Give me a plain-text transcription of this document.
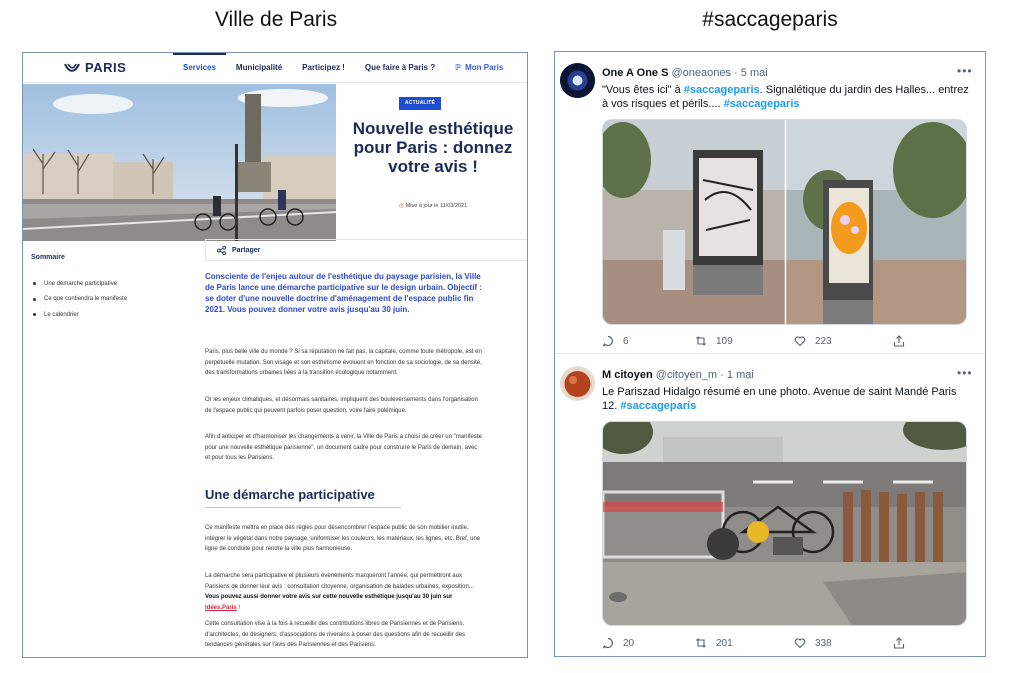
Ville de Paris	#saccageparis
PARIS	Services	Municipalité	Participez !	Que faire à Paris ?	ℙ Mon Paris
ACTUALITÉ
Nouvelle esthétique pour Paris : donnez votre avis !
◷ Mise à jour le 11/03/2021
Sommaire
Une démarche participative
Ce que contiendra le manifeste
Le calendrier
Partager
Consciente de l'enjeu autour de l'esthétique du paysage parisien, la Ville de Paris lance une démarche participative sur le design urbain. Objectif : se doter d'une nouvelle doctrine d'aménagement de l'espace public fin 2021. Vous pouvez donner votre avis jusqu'au 30 juin.
Paris, plus belle ville du monde ? Si sa réputation ne fait pas, la capitale, comme toute métropole, est en perpétuelle mutation. Son visage et son esthétisme évoluent en fonction de sa sociologie, de sa densité, des transformations urbaines liées à la transition écologique notamment.
Or les enjeux climatiques, et désormais sanitaires, impliquent des bouleversements dans l'organisation de l'espace public qui peuvent parfois poser question, voire faire polémique.
Afin d'anticiper et d'harmoniser les changements à venir, la Ville de Paris a choisi de créer un "manifeste pour une nouvelle esthétique parisienne", un document cadre pour construire le Paris de demain, avec et pour tous les Parisiens.
Une démarche participative
Ce manifeste mettra en place des règles pour désencombrer l'espace public de son mobilier inutile, intégrer le végétal dans notre paysage, uniformiser les couleurs, les matériaux, les lignes, etc. Bref, une ligne de conduite pour rendre la ville plus harmonieuse.
La démarche sera participative et plusieurs évènements marqueront l'année, qui permettront aux Parisiens de donner leur avis : consultation citoyenne, organisation de balades urbaines, exposition... Vous pouvez aussi donner votre avis sur cette nouvelle esthétique jusqu'au 30 juin sur idées.Paris !
Cette consultation vise à la fois à recueillir des contributions libres de Parisiennes et de Parisiens, d'architectes, de designers, d'associations de riverains à poser des questions afin de recueillir des tendances générales sur l'avis des Parisiennes et des Parisiens.
One A One S @oneaones · 5 mai	•••
"Vous êtes ici" à #saccageparis. Signalétique du jardin des Halles... entrez à vos risques et périls.... #saccageparis
6	109	223
M citoyen @citoyen_m · 1 mai	•••
Le Pariszad Hidalgo résumé en une photo. Avenue de saint Mandé Paris 12. #saccageparis
20	201	338
